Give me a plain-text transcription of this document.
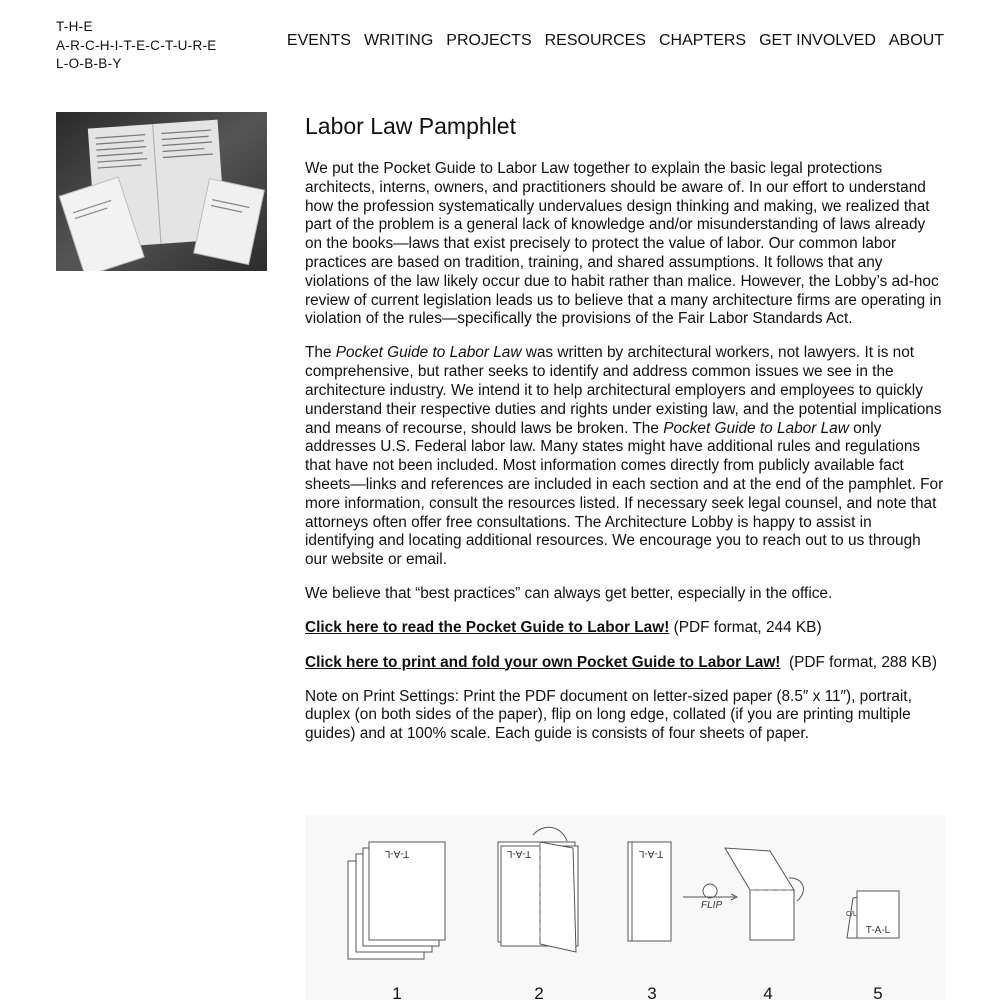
T-H-E
A-R-C-H-I-T-E-C-T-U-R-E
L-O-B-B-Y
EVENTS WRITING PROJECTS RESOURCES CHAPTERS GET INVOLVED ABOUT
Labor Law Pamphlet

We put the Pocket Guide to Labor Law together to explain the basic legal protections architects, interns, owners, and practitioners should be aware of. In our effort to understand how the profession systematically undervalues design thinking and making, we realized that part of the problem is a general lack of knowledge and/or misunderstanding of laws already on the books—laws that exist precisely to protect the value of labor. Our common labor practices are based on tradition, training, and shared assumptions. It follows that any violations of the law likely occur due to habit rather than malice. However, the Lobby’s ad-hoc review of current legislation leads us to believe that a many architecture firms are operating in violation of the rules—specifically the provisions of the Fair Labor Standards Act.

The Pocket Guide to Labor Law was written by architectural workers, not lawyers. It is not comprehensive, but rather seeks to identify and address common issues we see in the architecture industry. We intend it to help architectural employers and employees to quickly understand their respective duties and rights under existing law, and the potential implications and means of recourse, should laws be broken. The Pocket Guide to Labor Law only addresses U.S. Federal labor law. Many states might have additional rules and regulations that have not been included. Most information comes directly from publicly available fact sheets—links and references are included in each section and at the end of the pamphlet. For more information, consult the resources listed. If necessary seek legal counsel, and note that attorneys often offer free consultations. The Architecture Lobby is happy to assist in identifying and locating additional resources. We encourage you to reach out to us through our website or email.

We believe that “best practices” can always get better, especially in the office.

Click here to read the Pocket Guide to Labor Law! (PDF format, 244 KB)

Click here to print and fold your own Pocket Guide to Labor Law!  (PDF format, 288 KB)

Note on Print Settings: Print the PDF document on letter-sized paper (8.5″ x 11″), portrait, duplex (on both sides of the paper), flip on long edge, collated (if you are printing multiple guides) and at 100% scale. Each guide is consists of four sheets of paper.

T-A-L	T-A-L	T-A-L
FLIP
T-A-L
C/L
1	2	3	4	5
